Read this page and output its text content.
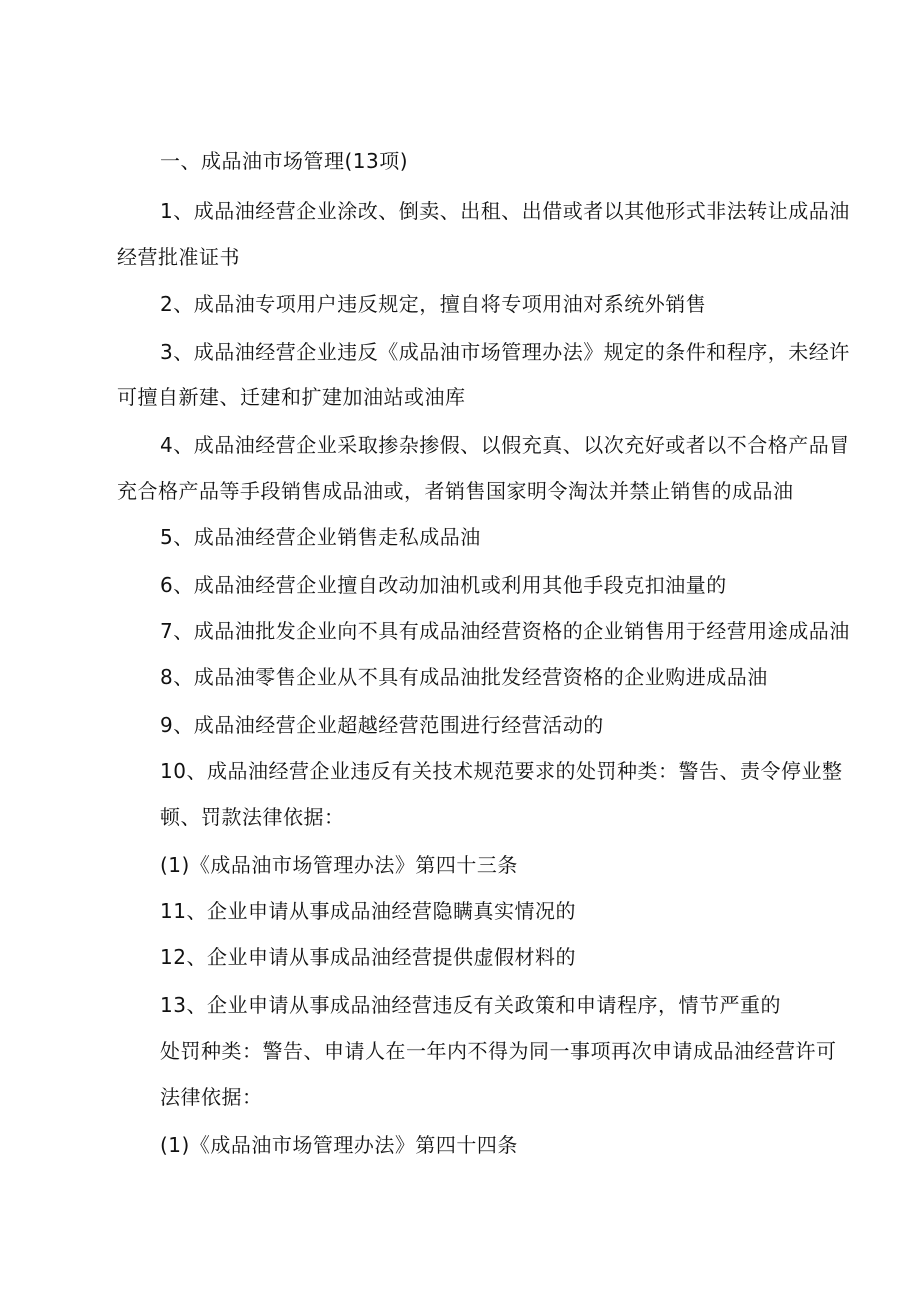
一、成品油市场管理(13项)
1、成品油经营企业涂改、倒卖、出租、出借或者以其他形式非法转让成品油
经营批准证书
2、成品油专项用户违反规定，擅自将专项用油对系统外销售
3、成品油经营企业违反《成品油市场管理办法》规定的条件和程序，未经许
可擅自新建、迁建和扩建加油站或油库
4、成品油经营企业采取掺杂掺假、以假充真、以次充好或者以不合格产品冒
充合格产品等手段销售成品油或，者销售国家明令淘汰并禁止销售的成品油
5、成品油经营企业销售走私成品油
6、成品油经营企业擅自改动加油机或利用其他手段克扣油量的
7、成品油批发企业向不具有成品油经营资格的企业销售用于经营用途成品油
8、成品油零售企业从不具有成品油批发经营资格的企业购进成品油
9、成品油经营企业超越经营范围进行经营活动的
10、成品油经营企业违反有关技术规范要求的处罚种类：警告、责令停业整
顿、罚款法律依据：
(1)《成品油市场管理办法》第四十三条
11、企业申请从事成品油经营隐瞒真实情况的
12、企业申请从事成品油经营提供虚假材料的
13、企业申请从事成品油经营违反有关政策和申请程序，情节严重的
处罚种类：警告、申请人在一年内不得为同一事项再次申请成品油经营许可
法律依据：
(1)《成品油市场管理办法》第四十四条
